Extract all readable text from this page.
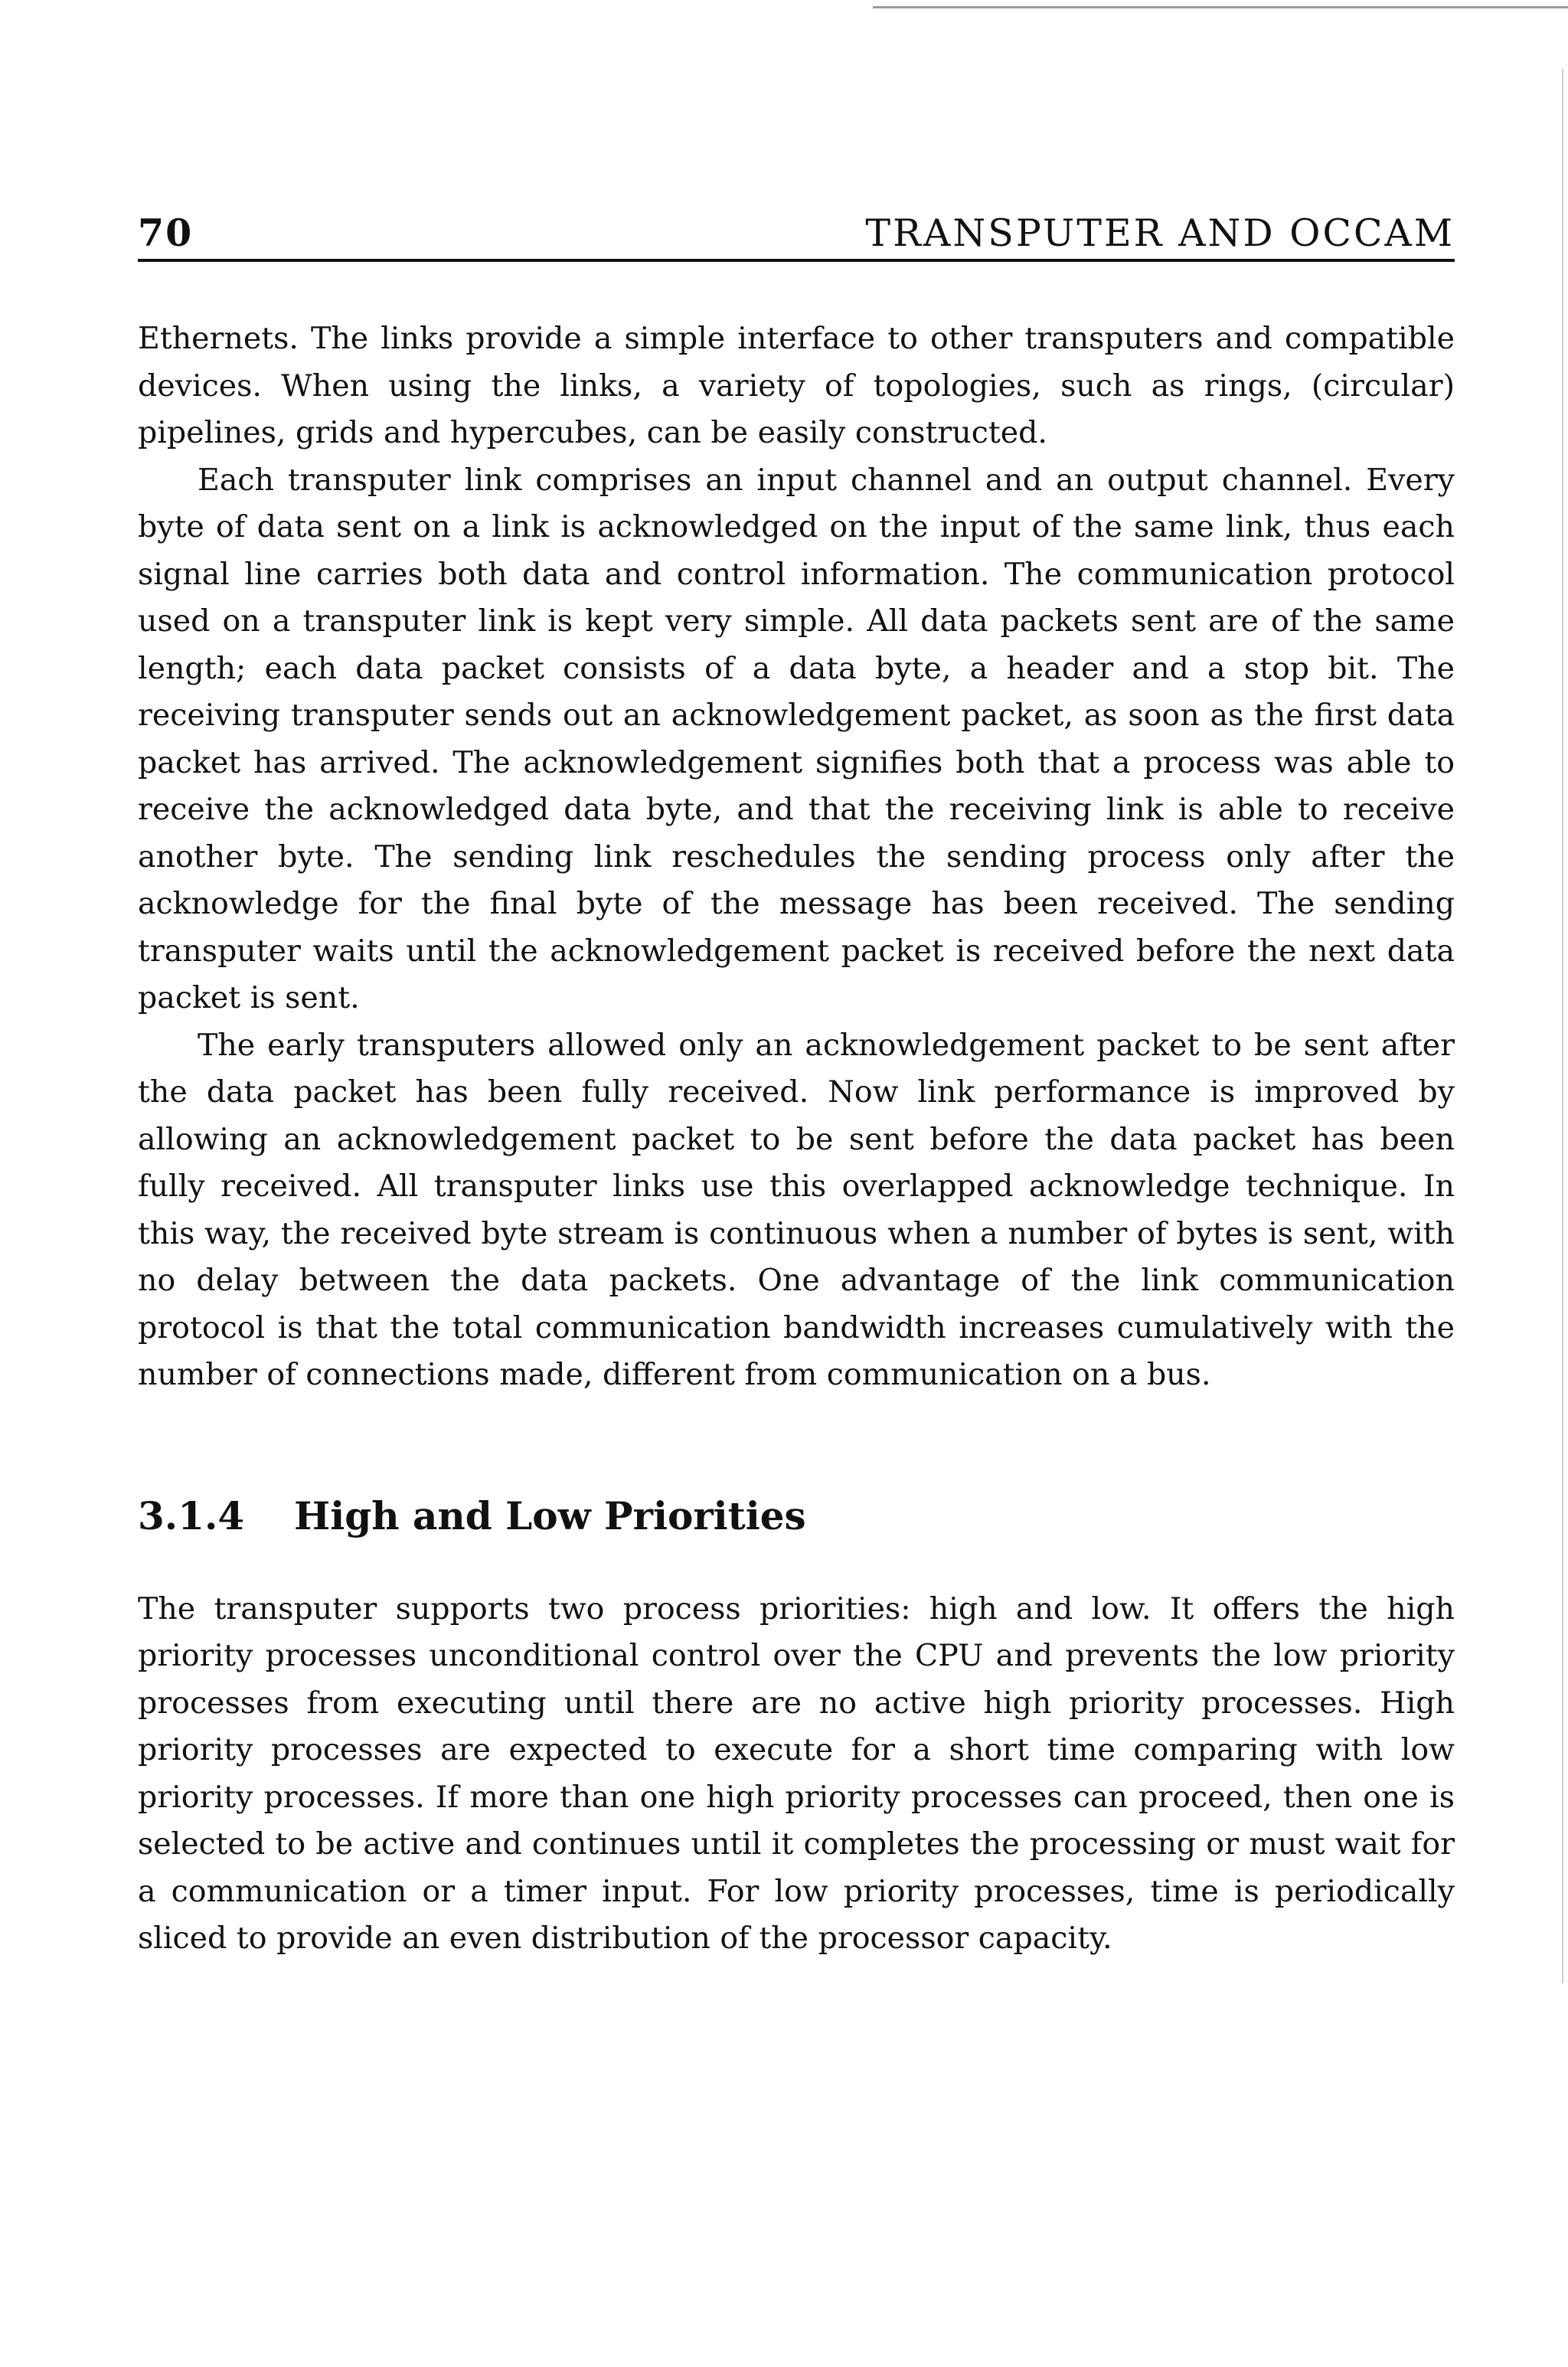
70	TRANSPUTER AND OCCAM

Ethernets. The links provide a simple interface to other transputers and compatible devices. When using the links, a variety of topologies, such as rings, (circular) pipelines, grids and hypercubes, can be easily constructed.

Each transputer link comprises an input channel and an output channel. Every byte of data sent on a link is acknowledged on the input of the same link, thus each signal line carries both data and control information. The communication protocol used on a transputer link is kept very simple. All data packets sent are of the same length; each data packet consists of a data byte, a header and a stop bit. The receiving transputer sends out an acknowledgement packet, as soon as the first data packet has arrived. The acknowledgement signifies both that a process was able to receive the acknowledged data byte, and that the receiving link is able to receive another byte. The sending link reschedules the sending process only after the acknowledge for the final byte of the message has been received. The sending transputer waits until the acknowledgement packet is received before the next data packet is sent.

The early transputers allowed only an acknowledgement packet to be sent after the data packet has been fully received. Now link performance is improved by allowing an acknowledgement packet to be sent before the data packet has been fully received. All transputer links use this overlapped acknowledge technique. In this way, the received byte stream is continuous when a number of bytes is sent, with no delay between the data packets. One advantage of the link communication protocol is that the total communication bandwidth increases cumulatively with the number of connections made, different from communication on a bus.

3.1.4 High and Low Priorities

The transputer supports two process priorities: high and low. It offers the high priority processes unconditional control over the CPU and prevents the low priority processes from executing until there are no active high priority processes. High priority processes are expected to execute for a short time comparing with low priority processes. If more than one high priority processes can proceed, then one is selected to be active and continues until it completes the processing or must wait for a communication or a timer input. For low priority processes, time is periodically sliced to provide an even distribution of the processor capacity.
